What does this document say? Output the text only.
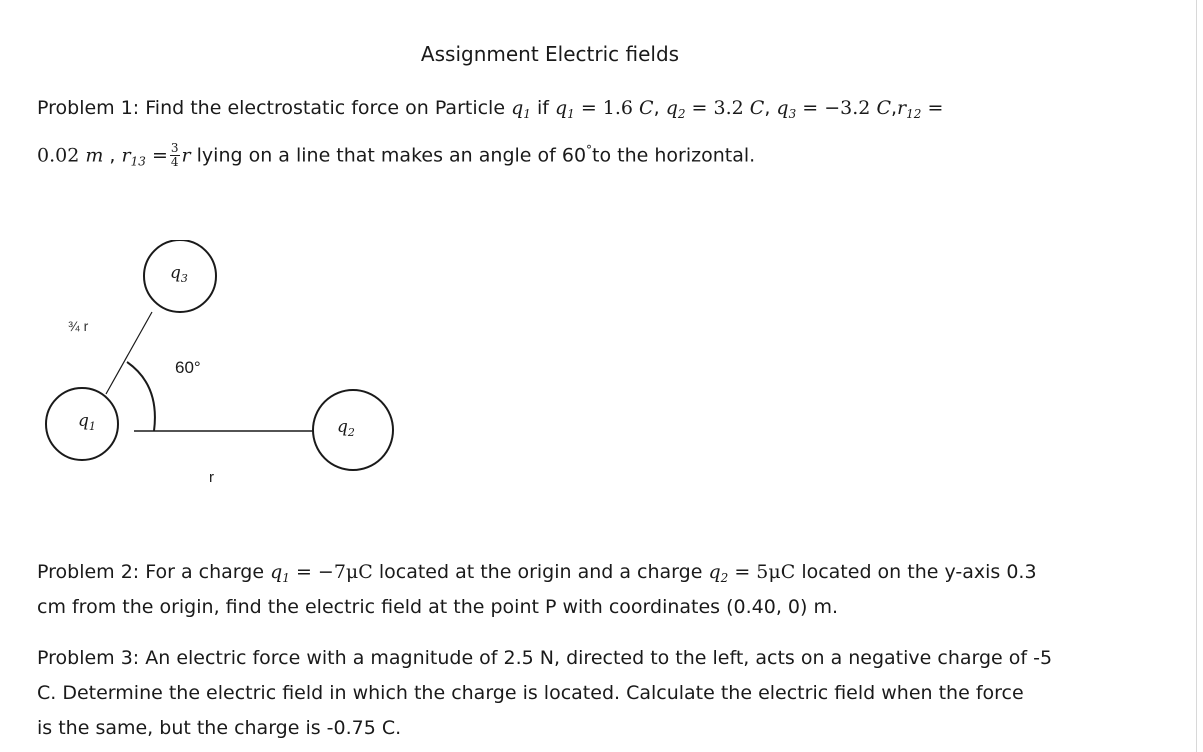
Assignment Electric fields
Problem 1: Find the electrostatic force on Particle $q_1$ if $q_1 = 1.6$ C, $q_2 = 3.2$ C, $q_3 = -3.2$ $C,r_{12}$ =
0.02 m , $r_{13} = \frac{3}{4}$ r lying on a line that makes an angle of 60°to the horizontal.
$q_3$
$q_1$	$q_2$
¾ r
60°
r
Problem 2: For a charge $q_1 = -7\mu C$ located at the origin and a charge $q_2 = 5\mu C$ located on the y-axis 0.3
cm from the origin, find the electric field at the point P with coordinates (0.40, 0) m.
Problem 3: An electric force with a magnitude of 2.5 N, directed to the left, acts on a negative charge of -5
C. Determine the electric field in which the charge is located. Calculate the electric field when the force
is the same, but the charge is -0.75 C.
